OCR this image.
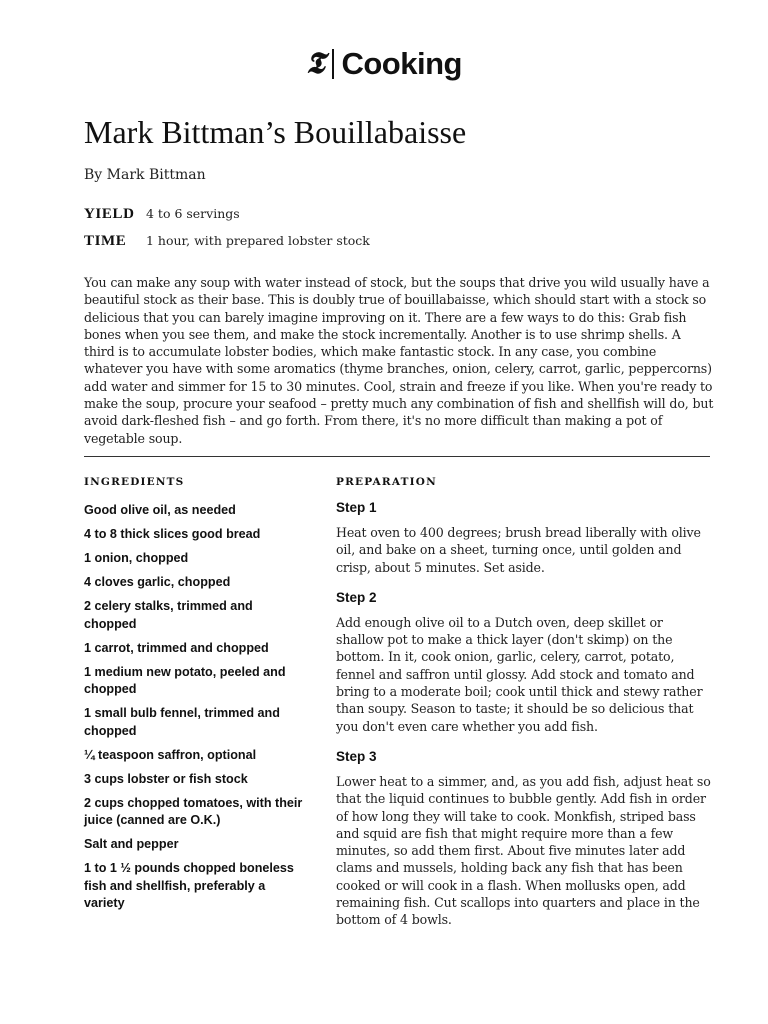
𝕿 Cooking
Mark Bittman’s Bouillabaisse
By Mark Bittman
YIELD 4 to 6 servings
TIME	1 hour, with prepared lobster stock

You can make any soup with water instead of stock, but the soups that drive you wild usually have a beautiful stock as their base. This is doubly true of bouillabaisse, which should start with a stock so delicious that you can barely imagine improving on it. There are a few ways to do this: Grab fish bones when you see them, and make the stock incrementally. Another is to use shrimp shells. A third is to accumulate lobster bodies, which make fantastic stock. In any case, you combine whatever you have with some aromatics (thyme branches, onion, celery, carrot, garlic, peppercorns) add water and simmer for 15 to 30 minutes. Cool, strain and freeze if you like. When you're ready to make the soup, procure your seafood – pretty much any combination of fish and shellfish will do, but avoid dark-fleshed fish – and go forth. From there, it's no more difficult than making a pot of vegetable soup.

INGREDIENTS	PREPARATION
Good olive oil, as needed
4 to 8 thick slices good bread
1 onion, chopped
4 cloves garlic, chopped
2 celery stalks, trimmed and chopped
1 carrot, trimmed and chopped
1 medium new potato, peeled and chopped
1 small bulb fennel, trimmed and chopped
¼ teaspoon saffron, optional
3 cups lobster or fish stock
2 cups chopped tomatoes, with their juice (canned are O.K.)
Salt and pepper
1 to 1 ½ pounds chopped boneless fish and shellfish, preferably a variety
Step 1

Heat oven to 400 degrees; brush bread liberally with olive oil, and bake on a sheet, turning once, until golden and crisp, about 5 minutes. Set aside.

Step 2

Add enough olive oil to a Dutch oven, deep skillet or shallow pot to make a thick layer (don't skimp) on the bottom. In it, cook onion, garlic, celery, carrot, potato, fennel and saffron until glossy. Add stock and tomato and bring to a moderate boil; cook until thick and stewy rather than soupy. Season to taste; it should be so delicious that you don't even care whether you add fish.

Step 3

Lower heat to a simmer, and, as you add fish, adjust heat so that the liquid continues to bubble gently. Add fish in order of how long they will take to cook. Monkfish, striped bass and squid are fish that might require more than a few minutes, so add them first. About five minutes later add clams and mussels, holding back any fish that has been cooked or will cook in a flash. When mollusks open, add remaining fish. Cut scallops into quarters and place in the bottom of 4 bowls.
